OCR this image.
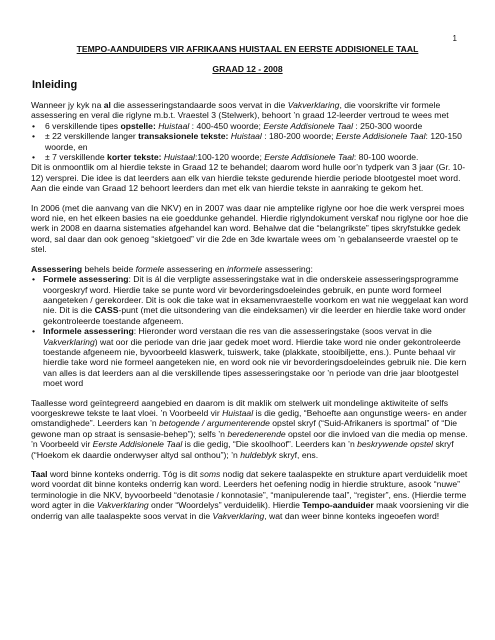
1
TEMPO-AANDUIDERS VIR AFRIKAANS HUISTAAL EN EERSTE ADDISIONELE TAAL
GRAAD 12 - 2008
Inleiding

Wanneer jy kyk na al die assesseringstandaarde soos vervat in die Vakverklaring, die voorskrifte vir formele assessering en veral die riglyne m.b.t. Vraestel 3 (Stelwerk), behoort ’n graad 12-leerder vertroud te wees met

• 6 verskillende tipes opstelle: Huistaal : 400-450 woorde; Eerste Addisionele Taal : 250-300 woorde
• ± 22 verskillende langer transaksionele tekste: Huistaal : 180-200 woorde; Eerste Addisionele Taal: 120-150 woorde, en
• ± 7 verskillende korter tekste: Huistaal:100-120 woorde; Eerste Addisionele Taal: 80-100 woorde.

Dit is onmoontlik om al hierdie tekste in Graad 12 te behandel; daarom word hulle oor’n tydperk van 3 jaar (Gr. 10-12) versprei. Die idee is dat leerders aan elk van hierdie tekste gedurende hierdie periode blootgestel moet word. Aan die einde van Graad 12 behoort leerders dan met elk van hierdie tekste in aanraking te gekom het.

In 2006 (met die aanvang van die NKV) en in 2007 was daar nie amptelike riglyne oor hoe die werk versprei moes word nie, en het elkeen basies na eie goeddunke gehandel. Hierdie riglyndokument verskaf nou riglyne oor hoe die werk in 2008 en daarna sistematies afgehandel kan word. Behalwe dat die “belangrikste” tipes skryfstukke gedek word, sal daar dan ook genoeg “skietgoed” vir die 2de en 3de kwartale wees om ’n gebalanseerde vraestel op te stel.

Assessering behels beide formele assessering en informele assessering:

• Formele assessering: Dit is ál die verpligte assesseringstake wat in die onderskeie assesseringsprogramme voorgeskryf word. Hierdie take se punte word vir bevorderingsdoeleindes gebruik, en punte word formeel aangeteken / gerekordeer. Dit is ook die take wat in eksamenvraestelle voorkom en wat nie weggelaat kan word nie. Dit is die CASS-punt (met die uitsondering van die eindeksamen) vir die leerder en hierdie take word onder gekontroleerde toestande afgeneem.
• Informele assessering: Hieronder word verstaan die res van die assesseringstake (soos vervat in die Vakverklaring) wat oor die periode van drie jaar gedek moet word. Hierdie take word nie onder gekontroleerde toestande afgeneem nie, byvoorbeeld klaswerk, tuiswerk, take (plakkate, stooibiljette, ens.). Punte behaal vir hierdie take word nie formeel aangeteken nie, en word ook nie vir bevorderingsdoeleindes gebruik nie. Die kern van alles is dat leerders aan al die verskillende tipes assesseringstake oor ’n periode van drie jaar blootgestel moet word

Taallesse word geïntegreerd aangebied en daarom is dit maklik om stelwerk uit mondelinge aktiwiteite of selfs voorgeskrewe tekste te laat vloei. ’n Voorbeeld vir Huistaal is die gedig, “Behoefte aan ongunstige weers- en ander omstandighede”. Leerders kan ’n betogende / argumenterende opstel skryf (“Suid-Afrikaners is sportmal” of “Die gewone man op straat is sensasie-behep”); selfs ’n beredenerende opstel oor die invloed van die media op mense. ’n Voorbeeld vir Eerste Addisionele Taal is die gedig, “Die skoolhoof”. Leerders kan ’n beskrywende opstel skryf (“Hoekom ek daardie onderwyser altyd sal onthou”); ’n huldeblyk skryf, ens.

Taal word binne konteks onderrig. Tóg is dit soms nodig dat sekere taalaspekte en strukture apart verduidelik moet word voordat dit binne konteks onderrig kan word. Leerders het oefening nodig in hierdie strukture, asook “nuwe” terminologie in die NKV, byvoorbeeld “denotasie / konnotasie”, “manipulerende taal”, “register”, ens. (Hierdie terme word agter in die Vakverklaring onder “Woordelys” verduidelik). Hierdie Tempo-aanduider maak voorsiening vir die onderrig van alle taalaspekte soos vervat in die Vakverklaring, wat dan weer binne konteks ingeoefen word!
